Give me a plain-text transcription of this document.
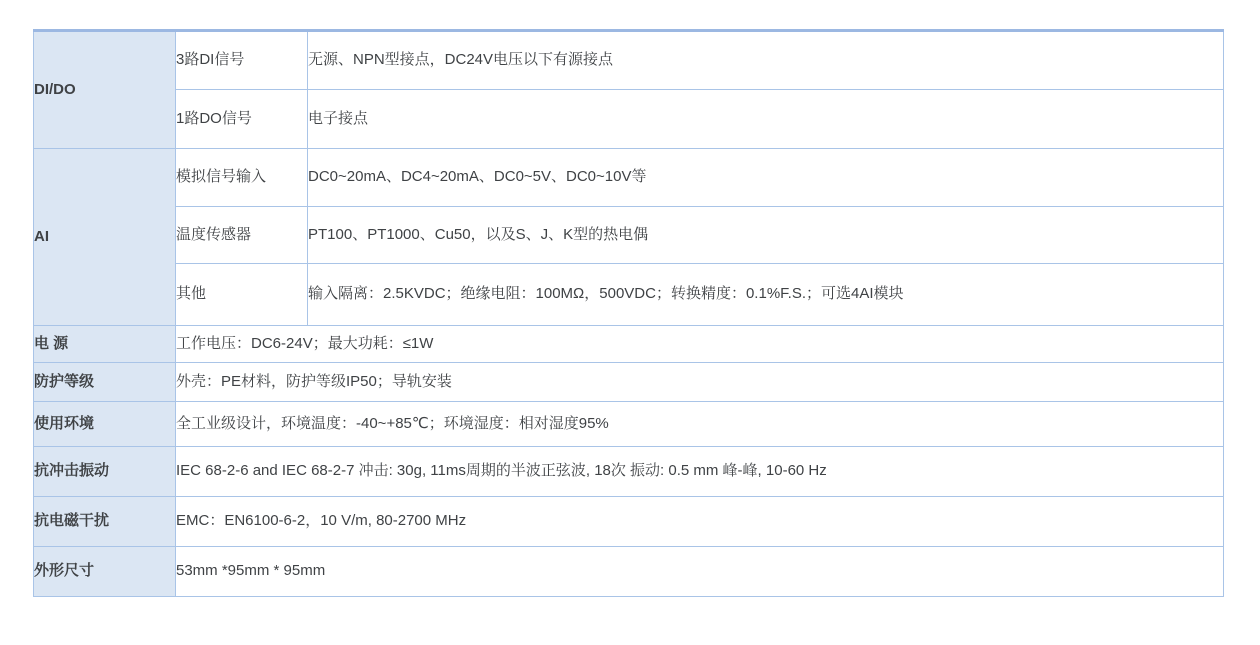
DI/DO	3路DI信号	无源、NPN型接点，DC24V电压以下有源接点
	1路DO信号	电子接点
AI	模拟信号输入	DC0~20mA、DC4~20mA、DC0~5V、DC0~10V等
	温度传感器	PT100、PT1000、Cu50，以及S、J、K型的热电偶
	其他	输入隔离：2.5KVDC；绝缘电阻：100MΩ，500VDC；转换精度：0.1%F.S.；可选4AI模块
电 源	工作电压：DC6-24V；最大功耗：≤1W	
防护等级	外壳：PE材料，防护等级IP50；导轨安装	
使用环境	全工业级设计，环境温度：-40~+85℃；环境湿度：相对湿度95%	
抗冲击振动	IEC 68-2-6 and IEC 68-2-7 冲击: 30g, 11ms周期的半波正弦波, 18次 振动: 0.5 mm 峰-峰, 10-60 Hz	
抗电磁干扰	EMC：EN6100-6-2，10 V/m, 80-2700 MHz	
外形尺寸	53mm *95mm * 95mm	
